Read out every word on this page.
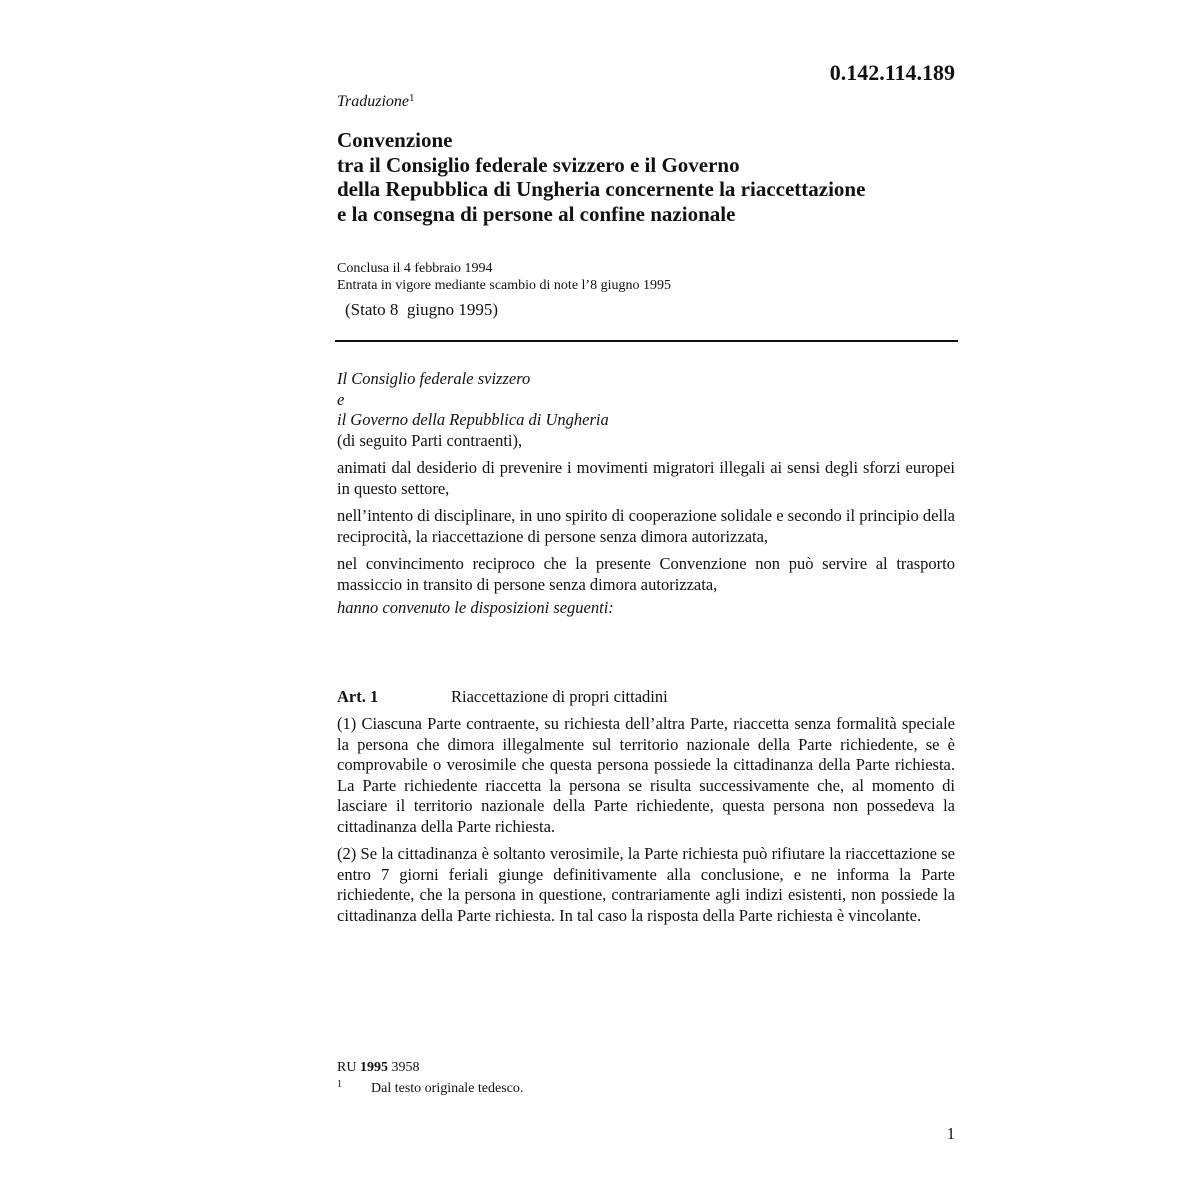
0.142.114.189
Traduzione$^1$
Convenzione
tra il Consiglio federale svizzero e il Governo
della Repubblica di Ungheria concernente la riaccettazione
e la consegna di persone al confine nazionale
Conclusa il 4 febbraio 1994
Entrata in vigore mediante scambio di note l’8 giugno 1995
(Stato 8  giugno 1995)
Il Consiglio federale svizzero
e
il Governo della Repubblica di Ungheria
(di seguito Parti contraenti),

animati dal desiderio di prevenire i movimenti migratori illegali ai sensi degli sforzi europei in questo settore,

nell’intento di disciplinare, in uno spirito di cooperazione solidale e secondo il principio della reciprocità, la riaccettazione di persone senza dimora autorizzata,

nel convincimento reciproco che la presente Convenzione non può servire al trasporto massiccio in transito di persone senza dimora autorizzata,

hanno convenuto le disposizioni seguenti:

Art. 1	Riaccettazione di propri cittadini

(1) Ciascuna Parte contraente, su richiesta dell’altra Parte, riaccetta senza formalità speciale la persona che dimora illegalmente sul territorio nazionale della Parte richiedente, se è comprovabile o verosimile che questa persona possiede la cittadinanza della Parte richiesta. La Parte richiedente riaccetta la persona se risulta successivamente che, al momento di lasciare il territorio nazionale della Parte richiedente, questa persona non possedeva la cittadinanza della Parte richiesta.

(2) Se la cittadinanza è soltanto verosimile, la Parte richiesta può rifiutare la riaccettazione se entro 7 giorni feriali giunge definitivamente alla conclusione, e ne informa la Parte richiedente, che la persona in questione, contrariamente agli indizi esistenti, non possiede la cittadinanza della Parte richiesta. In tal caso la risposta della Parte richiesta è vincolante.

RU 1995 3958
1 Dal testo originale tedesco.
1
